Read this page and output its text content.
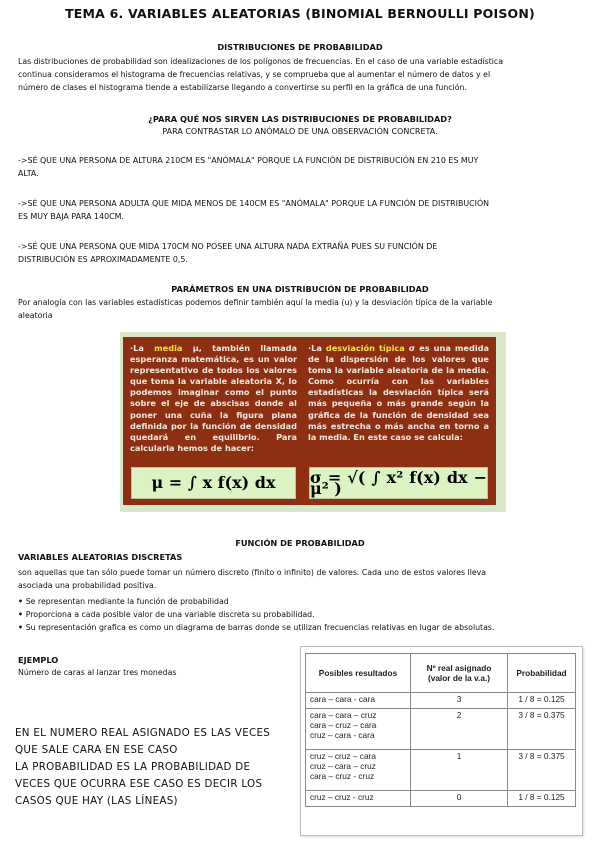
TEMA 6. VARIABLES ALEATORIAS (BINOMIAL BERNOULLI POISON)
DISTRIBUCIONES DE PROBABILIDAD
Las distribuciones de probabilidad son idealizaciones de los polígonos de frecuencias. En el caso de una variable estadística
continua consideramos el histograma de frecuencias relativas, y se comprueba que al aumentar el número de datos y el
número de clases el histograma tiende a estabilizarse llegando a convertirse su perfil en la gráfica de una función.
¿PARA QUÉ NOS SIRVEN LAS DISTRIBUCIONES DE PROBABILIDAD?
PARA CONTRASTAR LO ANÓMALO DE UNA OBSERVACIÓN CONCRETA.
->SÉ QUE UNA PERSONA DE ALTURA 210CM ES "ANÓMALA" PORQUE LA FUNCIÓN DE DISTRIBUCIÓN EN 210 ES MUY
ALTA.
->SÉ QUE UNA PERSONA ADULTA QUE MIDA MENOS DE 140CM ES "ANÓMALA" PORQUE LA FUNCIÓN DE DISTRIBUCIÓN
ES MUY BAJA PARA 140CM.
->SÉ QUE UNA PERSONA QUE MIDA 170CM NO POSEE UNA ALTURA NADA EXTRAÑA PUES SU FUNCIÓN DE
DISTRIBUCIÓN ES APROXIMADAMENTE 0,5.
PARÁMETROS EN UNA DISTRIBUCIÓN DE PROBABILIDAD
Por analogía con las variables estadísticas podemos definir también aquí la media (u) y la desviación típica de la variable
aleatoria
·La media μ, también llamada esperanza matemática, es un valor representativo de todos los valores que toma la variable aleatoria X, lo podemos imaginar como el punto sobre el eje de abscisas donde al poner una cuña la figura plana definida por la función de densidad quedará en equilibrio. Para calcularla hemos de hacer:
μ = ∫ x f(x) dx
·La desviación típica σ es una medida de la dispersión de los valores que toma la variable aleatoria de la media. Como ocurría con las variables estadísticas la desviación típica será más pequeña o más grande según la gráfica de la función de densidad sea más estrecha o más ancha en torno a la media. En este caso se calcula:
σ = √( ∫ x² f(x) dx − μ² )
FUNCIÓN DE PROBABILIDAD
VARIABLES ALEATORIAS DISCRETAS
son aquellas que tan sólo puede tomar un número discreto (finito o infinito) de valores. Cada uno de estos valores lleva
asociada una probabilidad positiva.
• Se representan mediante la función de probabilidad
• Proporciona a cada posible valor de una variable discreta su probabilidad.
• Su representación grafica es como un diagrama de barras donde se utilizan frecuencias relativas en lugar de absolutas.
EJEMPLO
Número de caras al lanzar tres monedas
EN EL NUMERO REAL ASIGNADO ES LAS VECES
QUE SALE CARA EN ESE CASO
LA PROBABILIDAD ES LA PROBABILIDAD DE
VECES QUE OCURRA ESE CASO ES DECIR LOS
CASOS QUE HAY (LAS LÍNEAS)
Posibles resultados	Nº real asignado (valor de la v.a.)	Probabilidad
cara – cara - cara	3	1 / 8 = 0.125

cara – cara – cruz
cara – cruz – cara
cruz – cara - cara	2	3 / 8 = 0.375

cruz – cruz – cara
cruz – cara – cruz
cara – cruz - cruz	1	3 / 8 = 0.375
cruz – cruz - cruz	0	1 / 8 = 0.125
